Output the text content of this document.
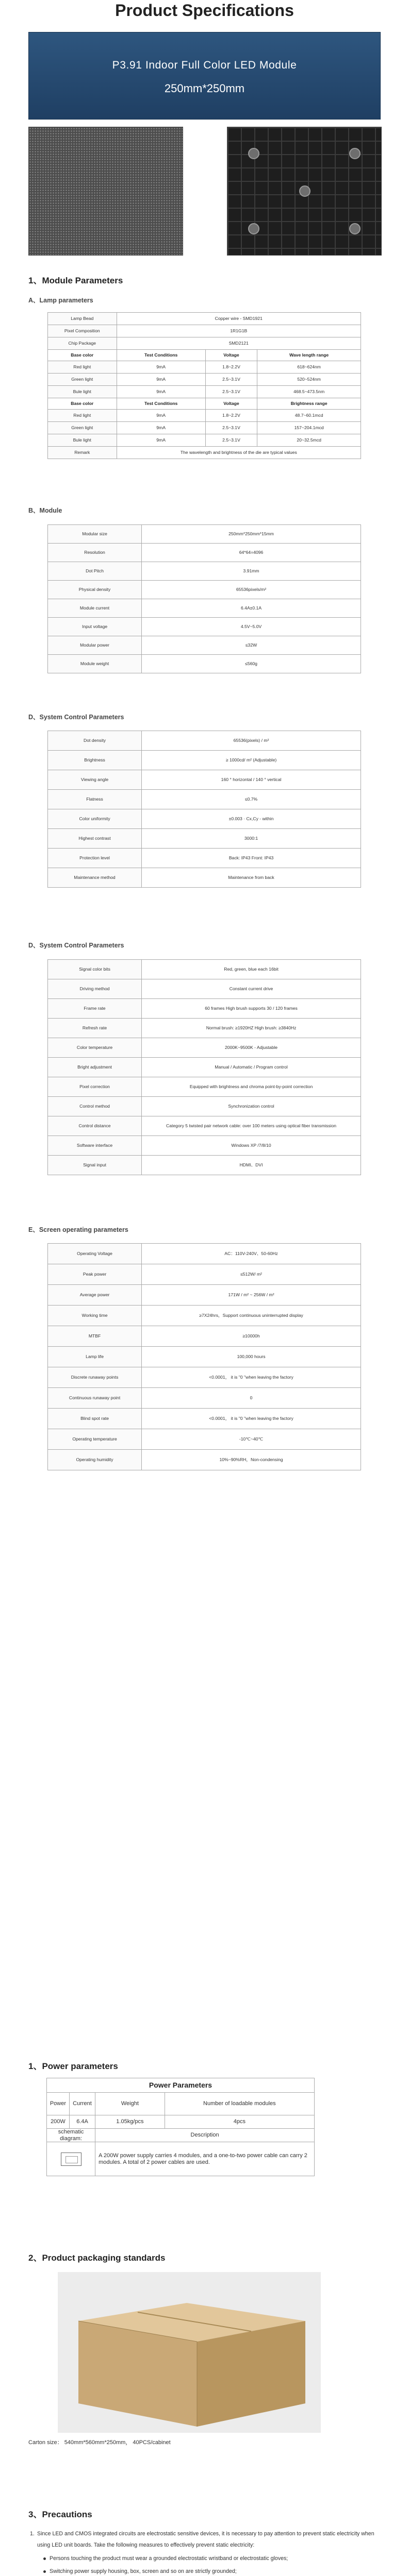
Product Specifications
P3.91 Indoor Full Color LED Module
250mm*250mm
1、Module Parameters
A、Lamp parameters
Lamp Bead	Copper wire - SMD1921		
Pixel Composition	1R1G1B		
Chip Package	SMD2121		
Base color	Test Conditions	Voltage	Wave length range
Red light	9mA	1.8~2.2V	618~624nm
Green light	9mA	2.5~3.1V	520~524nm
Bule light	9mA	2.5~3.1V	468.5~473.5nm
Base color	Test Conditions	Voltage	Brightness range
Red light	9mA	1.8~2.2V	48.7~60.1mcd
Green light	9mA	2.5~3.1V	157~204.1mcd
Bule light	9mA	2.5~3.1V	20~32.5mcd
Remark	The wavelength and brightness of the die are typical values		
B、Module
Modular size	250mm*250mm*15mm
Resolution	64*64=4096
Dot Pitch	3.91mm
Physical density	65536pixels/m²
Module current	6.4A±0.1A
Input voltage	4.5V~5.0V
Modular power	≤32W
Module weight	≤560g
D、System Control Parameters
Dot density	65536(pixels) / m²
Brightness	≥ 1000cd/ m² (Adjustable)
Viewing angle	160 ° horizontal / 140 ° vertical
Flatness	≤0.7%
Color uniformity	±0.003 · Cx,Cy - within
Highest contrast	3000:1
Protection level	Back: IP43 Front: IP43
Maintenance method	Maintenance from back
D、System Control Parameters
Signal color bits	Red, green, blue each 16bit
Driving method	Constant current drive
Frame rate	60 frames High brush supports 30 / 120 frames
Refresh rate	Normal brush: ≥1920HZ High brush: ≥3840Hz
Color temperature	2000K~9500K - Adjustable
Bright adjustment	Manual / Automatic / Program control
Pixel correction	Equipped with brightness and chroma point-by-point correction
Control method	Synchronization control
Control distance	Category 5 twisted pair network cable: over 100 meters using optical fiber transmission
Software interface	Windows XP /7/8/10
Signal input	HDMI、DVI
E、Screen operating parameters
Operating Voltage	AC：110V-240V、50-60Hz
Peak power	≤512W/ m²
Average power	171W / m² ~ 256W / m²
Working time	≥7X24hrs，Support continuous uninterrupted display
MTBF	≥10000h
Lamp life	100,000 hours
Discrete runaway points	<0.0001， it is "0 "when leaving the factory
Continuous runaway point	0
Blind spot rate	<0.0001， it is "0 "when leaving the factory
Operating temperature	-10℃~40℃
Operating humidity	10%~90%RH，Non-condensing
1、Power parameters
Power Parameters			
Power	Current	Weight	Number of loadable modules
200W	6.4A	1.05kg/pcs	4pcs
schematic diagram:		Description	

		A 200W power supply carries 4 modules, and a one-to-two power cable can carry 2 modules. A total of 2 power cables are used.	
2、Product packaging standards
Carton size： 540mm*560mm*250mm， 40PCS/cabinet
3、Precautions
1. Since LED and CMOS integrated circuits are electrostatic sensitive devices, it is necessary to pay attention to prevent static electricity when using LED unit boards. Take the following measures to effectively prevent static electricity:

Persons touching the product must wear a grounded electrostatic wristband or electrostatic gloves;
Switching power supply housing, box, screen and so on are strictly grounded;
